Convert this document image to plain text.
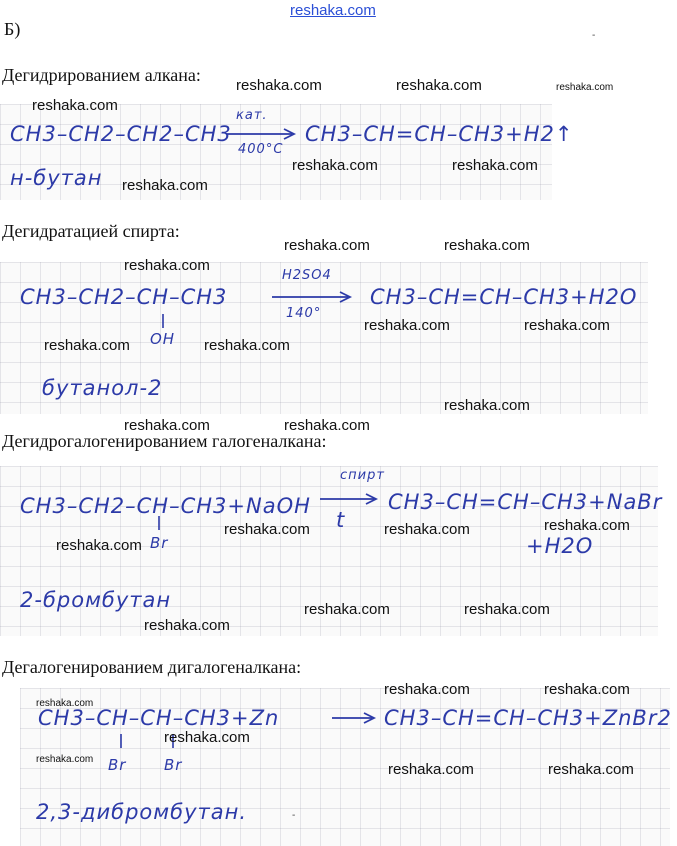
reshaka.com
Б)	-
Дегидрированием алкана:
CH3–CH2–CH2–CH3
кат.
400°C
CH3–CH=CH–CH3+H2↑
н-бутан
Дегидратацией спирта:
H2SO4
CH3–CH2–CH–CH3
140°
CH3–CH=CH–CH3+H2O
OH
бутанол-2
Дегидрогалогенированием галогеналкана:
CH3–CH2–CH–CH3+NaOH
спирт
t
CH3–CH=CH–CH3+NaBr
+H2O
Br
2-бромбутан
Дегалогенированием дигалогеналкана:
CH3–CH–CH–CH3+Zn	→ CH3–CH=CH–CH3+ZnBr2
Br	Br
2,3-дибромбутан.	-
reshaka.com	reshaka.com	reshaka.com
reshaka.com
reshaka.com	reshaka.com
reshaka.com
reshaka.com	reshaka.com
reshaka.com
reshaka.com	reshaka.com
reshaka.com	reshaka.com
reshaka.com
reshaka.com	reshaka.com
reshaka.com
reshaka.com	reshaka.com
reshaka.com
reshaka.com	reshaka.com
reshaka.com
reshaka.com	reshaka.com
reshaka.com
reshaka.com
reshaka.com
reshaka.com	reshaka.com
